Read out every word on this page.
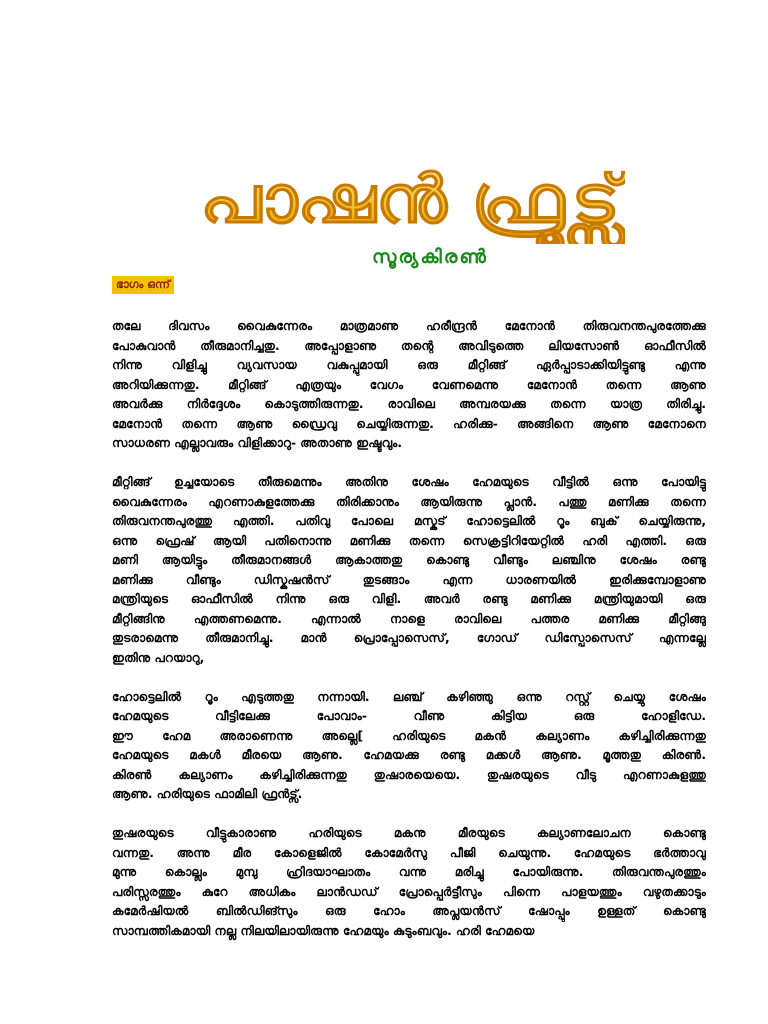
പാഷൻ ഫ്രൂട്സ്
സൂര്യകിരൺ
ഭാഗം ഒന്ന്
തലേ ദിവസം വൈകുന്നേരം മാത്രമാണു ഹരീന്ദ്രൻ മേനോൻ തിരുവനന്തപുരത്തേക്കു
പോകുവാൻ തീരുമാനിച്ചതു. അപ്പോളാണു തന്റെ അവിടുത്തെ ലിയസോൺ ഓഫീസിൽ
നിന്നു വിളിച്ചു വ്യവസായ വകുപ്പുമായി ഒരു മീറ്റിങ്ങ് ഏർപ്പാടാക്കിയിട്ടുണ്ടു എന്നു
അറിയിക്കുന്നതു. മീറ്റിങ്ങ് എത്രയും വേഗം വേണമെന്നു മേനോൻ തന്നെ ആണു
അവർക്കു നിർദ്ദേശം കൊടുത്തിരുന്നതു. രാവിലെ അമ്പരയക്കു തന്നെ യാത്ര തിരിച്ചു.
മേനോൻ തന്നെ ആണു ഡ്രൈവു ചെയ്യിരുന്നതു. ഹരിക്കു- അങ്ങിനെ ആണു മേനോനെ
സാധരണ എല്ലാവരും വിളിക്കാറു- അതാണു ഇഷ്ടവും.
മീറ്റിങ്ങ് ഉച്ചയോടെ തീരുമെന്നും അതിനു ശേഷം ഹേമയുടെ വീട്ടിൽ ഒന്നു പോയിട്ടു
വൈകുന്നേരം എറണാകുളത്തേക്കു തിരിക്കാനും ആയിരുന്നു പ്ലാൻ. പത്തു മണിക്കു തന്നെ
തിരുവനന്തപുരത്തു എത്തി. പതിവു പോലെ മസ്കട് ഹോട്ടെലിൽ റൂം ബുക് ചെയ്യിരുന്നു,
ഒന്നു ഫ്രെഷ് ആയി പതിനൊന്നു മണിക്കു തന്നെ സെക്രട്ടിറിയേറ്റിൽ ഹരി എത്തി. ഒരു
മണി ആയിട്ടും തീരുമാനങ്ങൾ ആകാത്തതു കൊണ്ടു വീണ്ടും ലഞ്ചിനു ശേഷം രണ്ടു
മണിക്കു വീണ്ടും ഡിസ്കഷൻസ് തുടങ്ങാം എന്ന ധാരണയിൽ ഇരിക്കുമ്പോളാണു
മന്ത്രിയുടെ ഓഫീസിൽ നിന്നു ഒരു വിളി. അവർ രണ്ടു മണിക്കു മന്ത്രിയുമായി ഒരു
മീറ്റിങ്ങിനു എത്തണമെന്നു. എന്നാൽ നാളെ രാവിലെ പത്തര മണിക്കു മീറ്റിങ്ങു
തുടരാമെന്നു തീരുമാനിച്ചു. മാൻ പ്രൊപ്പോസെസ്, ഗോഡ് ഡിസ്പോസെസ് എന്നല്ലേ
ഇതിനു പറയാറു,
ഹോട്ടെലിൽ റൂം എടുത്തതു നന്നായി. ലഞ്ച് കഴിഞ്ഞു ഒന്നു റസ്റ്റ് ചെയ്യു ശേഷം
ഹേമയുടെ വീട്ടിലേക്കു പോവാം- വീണു കിട്ടിയ ഒരു ഹോളിഡേ.
ഈ ഹേമ അരാണെന്നു അല്ലെ[ ഹരിയുടെ മകൻ കല്യാണം കഴിച്ചിരിക്കുന്നതു
ഹേമയുടെ മകൾ മീരയെ ആണു. ഹേമയക്കു രണ്ടു മക്കൾ ആണു. മൂത്തതു കിരൺ.
കിരൺ കല്യാണം കഴിച്ചിരിക്കുന്നതു തുഷാരയെയെ. തുഷരയുടെ വീടു എറണാകുളത്തു
ആണു. ഹരിയുടെ ഫാമിലി ഫ്രൻട്സ്.
തുഷരയുടെ വീട്ടുകാരാണു ഹരിയുടെ മകനു മീരയുടെ കല്യാണലോചന കൊണ്ടു
വന്നതു. അന്നു മീര കോളെജിൽ കോമേർസു പീജി ചെയുന്നു. ഹേമയുടെ ഭർത്താവു
മുന്നു കൊല്ലം മുമ്പു ഹ്രിദയാഘാതം വന്നു മരിച്ചു പോയിരുന്നു. തിരുവന്തപുരത്തും
പരിസ്സരത്തും കുറേ അധികം ലാൻഡഡ് പ്രോപ്പെർട്ടീസും പിന്നെ പാളയത്തും വഴുതക്കാടും
കമേർഷിയൽ ബിൽഡിങ്സും ഒരു ഹോം അപ്ലയൻസ് ഷോപ്പും ഉള്ളത് കൊണ്ടു
സാമ്പത്തികമായി നല്ല നിലയിലായിരുന്നു ഹേമയും കുടുംബവും. ഹരി ഹേമയെ
